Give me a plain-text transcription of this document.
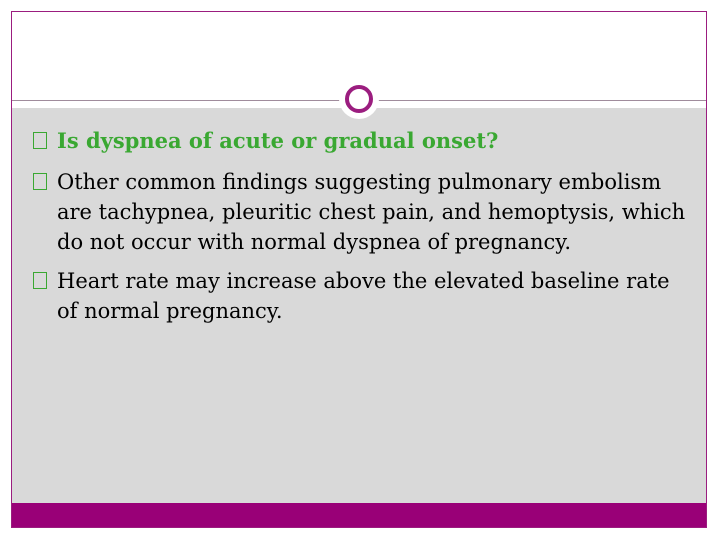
Is dyspnea of acute or gradual onset?
Other common findings suggesting pulmonary embolism are tachypnea, pleuritic chest pain, and hemoptysis, which do not occur with normal dyspnea of pregnancy.
Heart rate may increase above the elevated baseline rate of normal pregnancy.
